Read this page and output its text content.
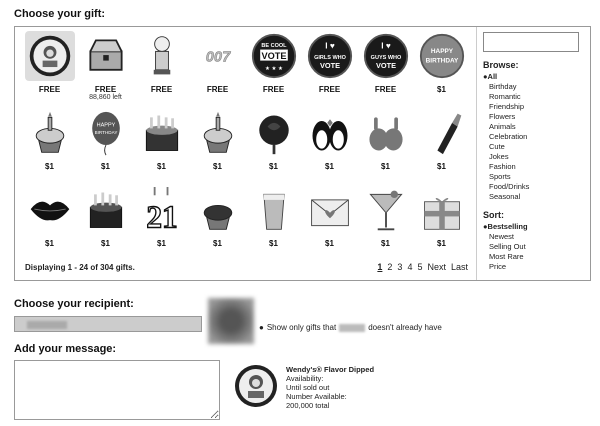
Choose your gift:
FREE	FREE
88,860 left
FREE
007
FREE
BE COOL
VOTE
★ ★ ★
FREE
I ♥
GIRLS WHO
VOTE
FREE
I ♥
GUYS WHO
VOTE
FREE
HAPPY
BIRTHDAY
$1
$1
HAPPY
BIRTHDAY
$1	$1	$1	$1	$1	$1	$1
$1	$1
21
$1	$1	$1	$1	$1	$1
Displaying 1 - 24 of 304 gifts.	1 2 3 4 5 Next Last
Browse:
●All
Birthday
Romantic
Friendship
Flowers
Animals
Celebration
Cute
Jokes
Fashion
Sports
Food/Drinks
Seasonal
Sort:
●Bestselling
Newest
Selling Out
Most Rare
Price
Choose your recipient:
● Show only gifts that	doesn't already have
Add your message:
Wendy's® Flavor Dipped
Availability:
Until sold out
Number Available:
200,000 total
